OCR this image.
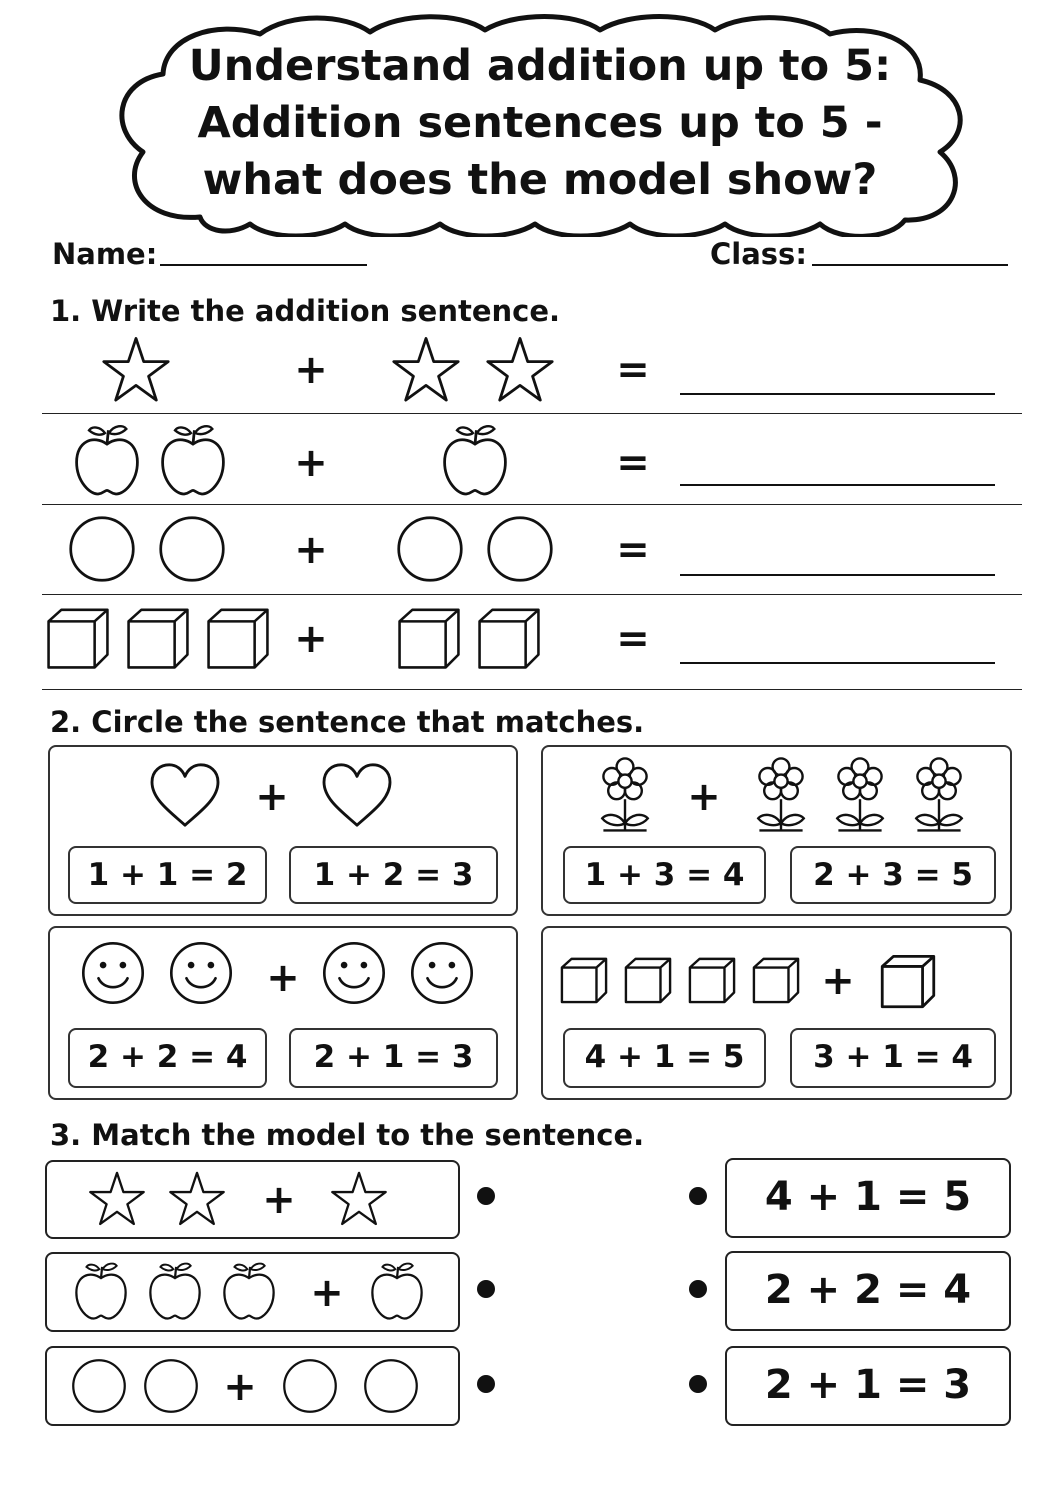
Understand addition up to 5:
Addition sentences up to 5 -
what does the model show?
Name:	Class:
1. Write the addition sentence.
+	=
+	=
+	=
+	=
2. Circle the sentence that matches.
+
1 + 1 = 2	1 + 2 = 3
+
1 + 3 = 4	2 + 3 = 5
+
2 + 2 = 4	2 + 1 = 3
+
4 + 1 = 5	3 + 1 = 4
3. Match the model to the sentence.
+
+
+
4 + 1 = 5
2 + 2 = 4
2 + 1 = 3
